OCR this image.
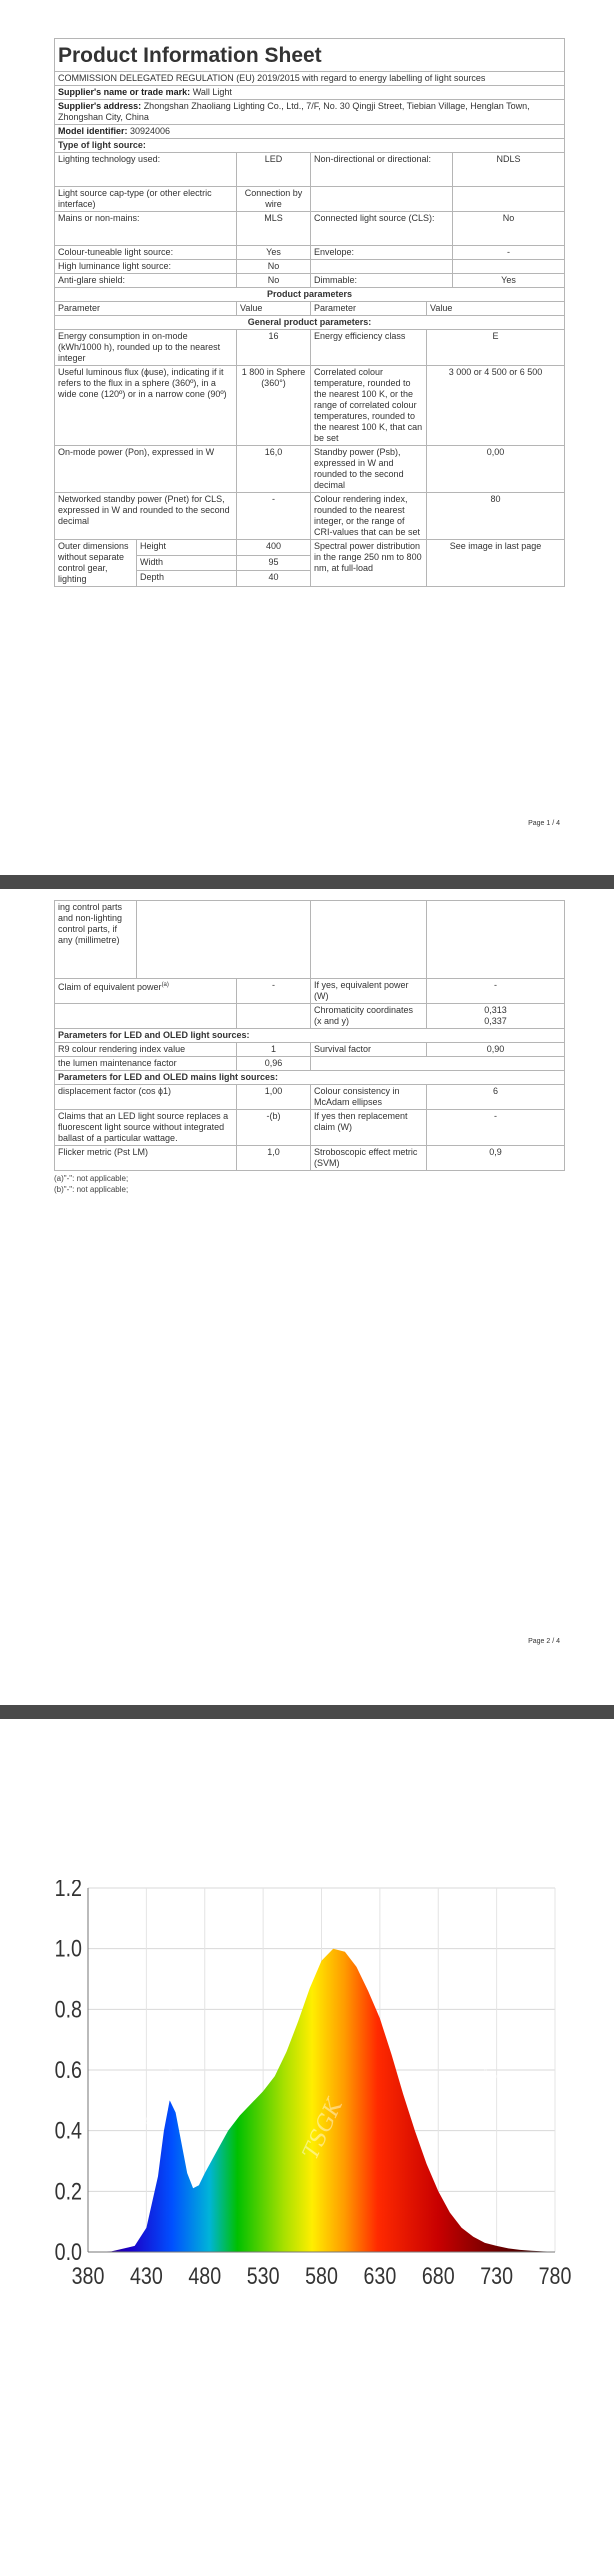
Product Information Sheet					
COMMISSION DELEGATED REGULATION (EU) 2019/2015 with regard to energy labelling of light sources					
Supplier's name or trade mark: Wall Light					
Supplier's address: Zhongshan Zhaoliang Lighting Co., Ltd., 7/F, No. 30 Qingji Street, Tiebian Village, Henglan Town, Zhongshan City, China					
Model identifier: 30924006					
Type of light source:					
Lighting technology used:		LED	Non-directional or directional:		NDLS
Light source cap-type (or other electric interface)		Connection by wire			
Mains or non-mains:		MLS	Connected light source (CLS):		No
Colour-tuneable light source:		Yes	Envelope:		-
High luminance light source:		No			
Anti-glare shield:		No	Dimmable:		Yes
Product parameters					
Parameter		Value	Parameter	Value	
General product parameters:					
Energy consumption in on-mode (kWh/1000 h), rounded up to the nearest integer		16	Energy efficiency class	E	
Useful luminous flux (ɸuse), indicating if it refers to the flux in a sphere (360º), in a wide cone (120º) or in a narrow cone (90º)		1 800 in Sphere (360°)	Correlated colour temperature, rounded to the nearest 100 K, or the range of correlated colour temperatures, rounded to the nearest 100 K, that can be set	3 000 or 4 500 or 6 500	
On-mode power (Pon), expressed in W		16,0	Standby power (Psb), expressed in W and rounded to the second decimal	0,00	
Networked standby power (Pnet) for CLS, expressed in W and rounded to the second decimal		-	Colour rendering index, rounded to the nearest integer, or the range of CRI-values that can be set	80	
Outer dimensions without separate control gear, lighting	Height	400	Spectral power distribution in the range 250 nm to 800 nm, at full-load	See image in last page	
	Width	95			
	Depth	40			
Page 1 / 4
ing control parts and non-lighting control parts, if any (millimetre)				
Claim of equivalent power$^{(a)}$		-	If yes, equivalent power (W)	-
			Chromaticity coordinates (x and y)	0,313
0,337

Parameters for LED and OLED light sources:				
R9 colour rendering index value		1	Survival factor	0,90
the lumen maintenance factor		0,96		
Parameters for LED and OLED mains light sources:				
displacement factor (cos ɸ1)		1,00	Colour consistency in McAdam ellipses	6
Claims that an LED light source replaces a fluorescent light source without integrated ballast of a particular wattage.		-(b)	If yes then replacement claim (W)	-
Flicker metric (Pst LM)		1,0	Stroboscopic effect metric (SVM)	0,9
(a)"-": not applicable;
(b)"-": not applicable;
Page 2 / 4
TSGK	TSGK	TSGK
0.0
0.2
0.4
0.6
0.8
1.0
1.2
380 430 480 530 580 630 680 730 780
